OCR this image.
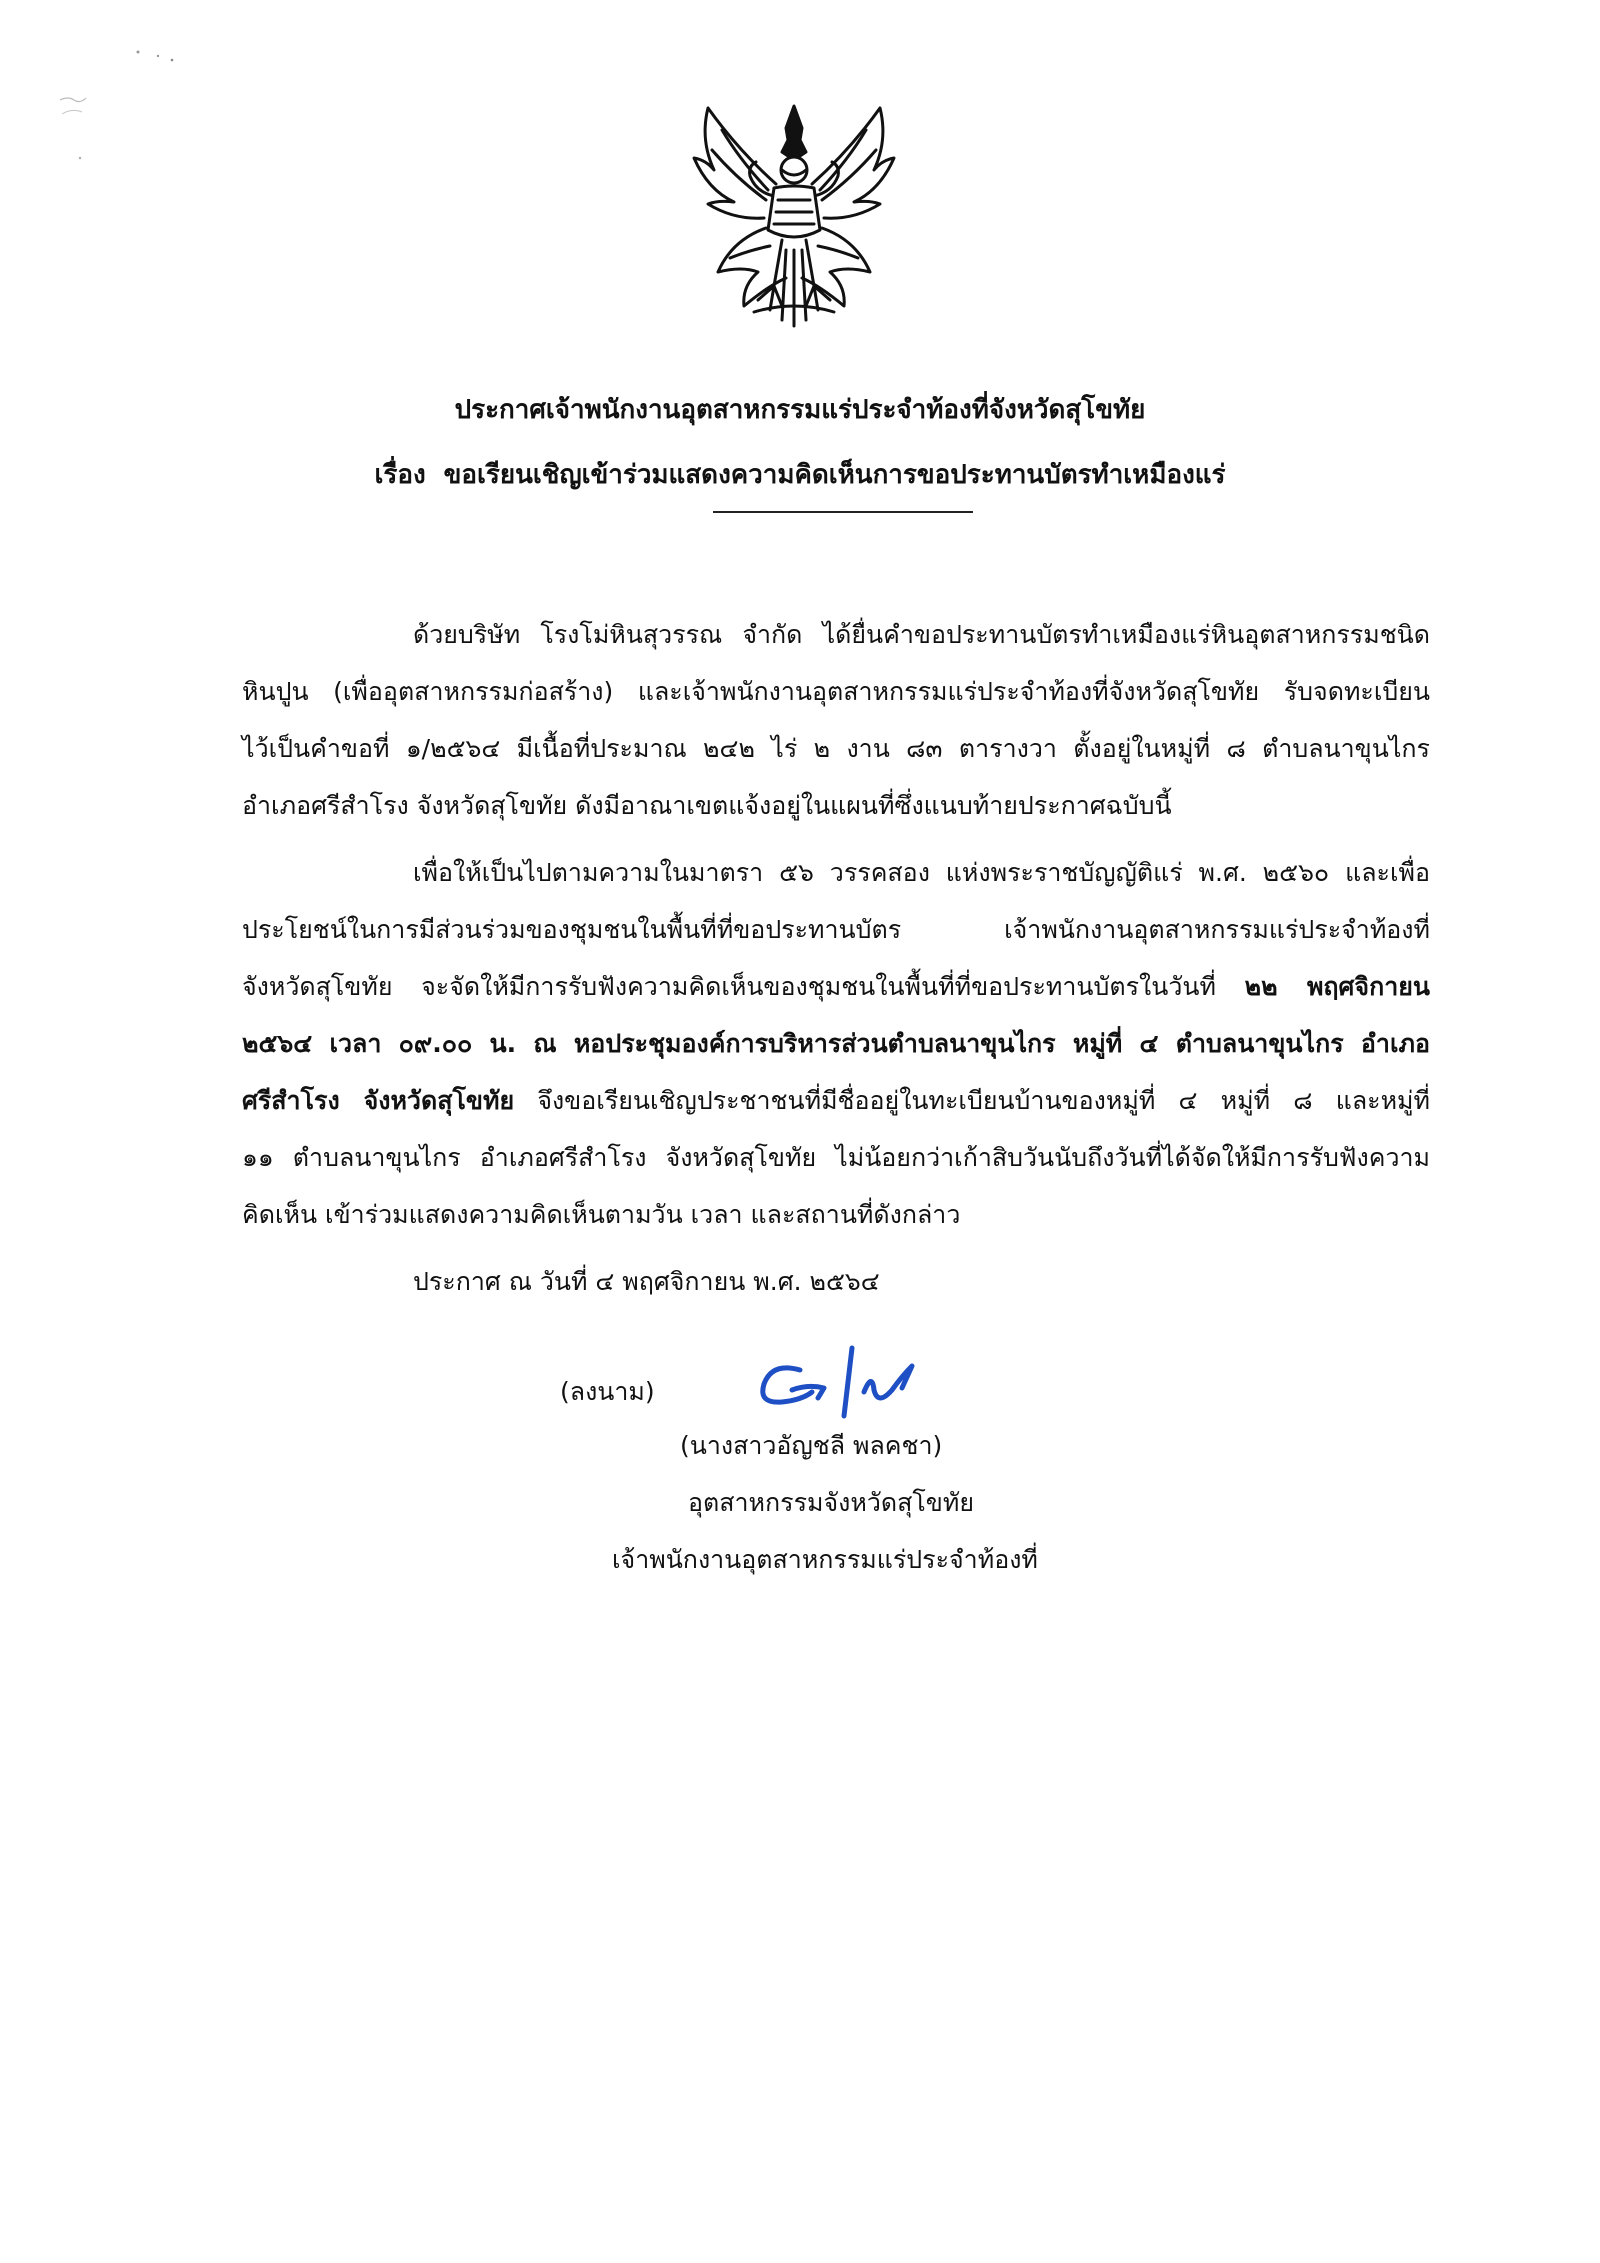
ประกาศเจ้าพนักงานอุตสาหกรรมแร่ประจำท้องที่จังหวัดสุโขทัย
เรื่อง ขอเรียนเชิญเข้าร่วมแสดงความคิดเห็นการขอประทานบัตรทำเหมืองแร่
ด้วยบริษัท โรงโม่หินสุวรรณ จำกัด ได้ยื่นคำขอประทานบัตรทำเหมืองแร่หินอุตสาหกรรมชนิด
หินปูน (เพื่ออุตสาหกรรมก่อสร้าง) และเจ้าพนักงานอุตสาหกรรมแร่ประจำท้องที่จังหวัดสุโขทัย รับจดทะเบียน
ไว้เป็นคำขอที่ ๑/๒๕๖๔ มีเนื้อที่ประมาณ ๒๔๒ ไร่ ๒ งาน ๘๓ ตารางวา ตั้งอยู่ในหมู่ที่ ๘ ตำบลนาขุนไกร
อำเภอศรีสำโรง จังหวัดสุโขทัย ดังมีอาณาเขตแจ้งอยู่ในแผนที่ซึ่งแนบท้ายประกาศฉบับนี้
เพื่อให้เป็นไปตามความในมาตรา ๕๖ วรรคสอง แห่งพระราชบัญญัติแร่ พ.ศ. ๒๕๖๐ และเพื่อ
ประโยชน์ในการมีส่วนร่วมของชุมชนในพื้นที่ที่ขอประทานบัตร เจ้าพนักงานอุตสาหกรรมแร่ประจำท้องที่
จังหวัดสุโขทัย จะจัดให้มีการรับฟังความคิดเห็นของชุมชนในพื้นที่ที่ขอประทานบัตรในวันที่ ๒๒ พฤศจิกายน
๒๕๖๔ เวลา ๐๙.๐๐ น. ณ หอประชุมองค์การบริหารส่วนตำบลนาขุนไกร หมู่ที่ ๔ ตำบลนาขุนไกร อำเภอ
ศรีสำโรง จังหวัดสุโขทัย จึงขอเรียนเชิญประชาชนที่มีชื่ออยู่ในทะเบียนบ้านของหมู่ที่ ๔ หมู่ที่ ๘ และหมู่ที่
๑๑ ตำบลนาขุนไกร อำเภอศรีสำโรง จังหวัดสุโขทัย ไม่น้อยกว่าเก้าสิบวันนับถึงวันที่ได้จัดให้มีการรับฟังความ
คิดเห็น เข้าร่วมแสดงความคิดเห็นตามวัน เวลา และสถานที่ดังกล่าว
ประกาศ ณ วันที่ ๔ พฤศจิกายน พ.ศ. ๒๕๖๔
(ลงนาม)
(นางสาวอัญชลี พลคชา)
อุตสาหกรรมจังหวัดสุโขทัย
เจ้าพนักงานอุตสาหกรรมแร่ประจำท้องที่
